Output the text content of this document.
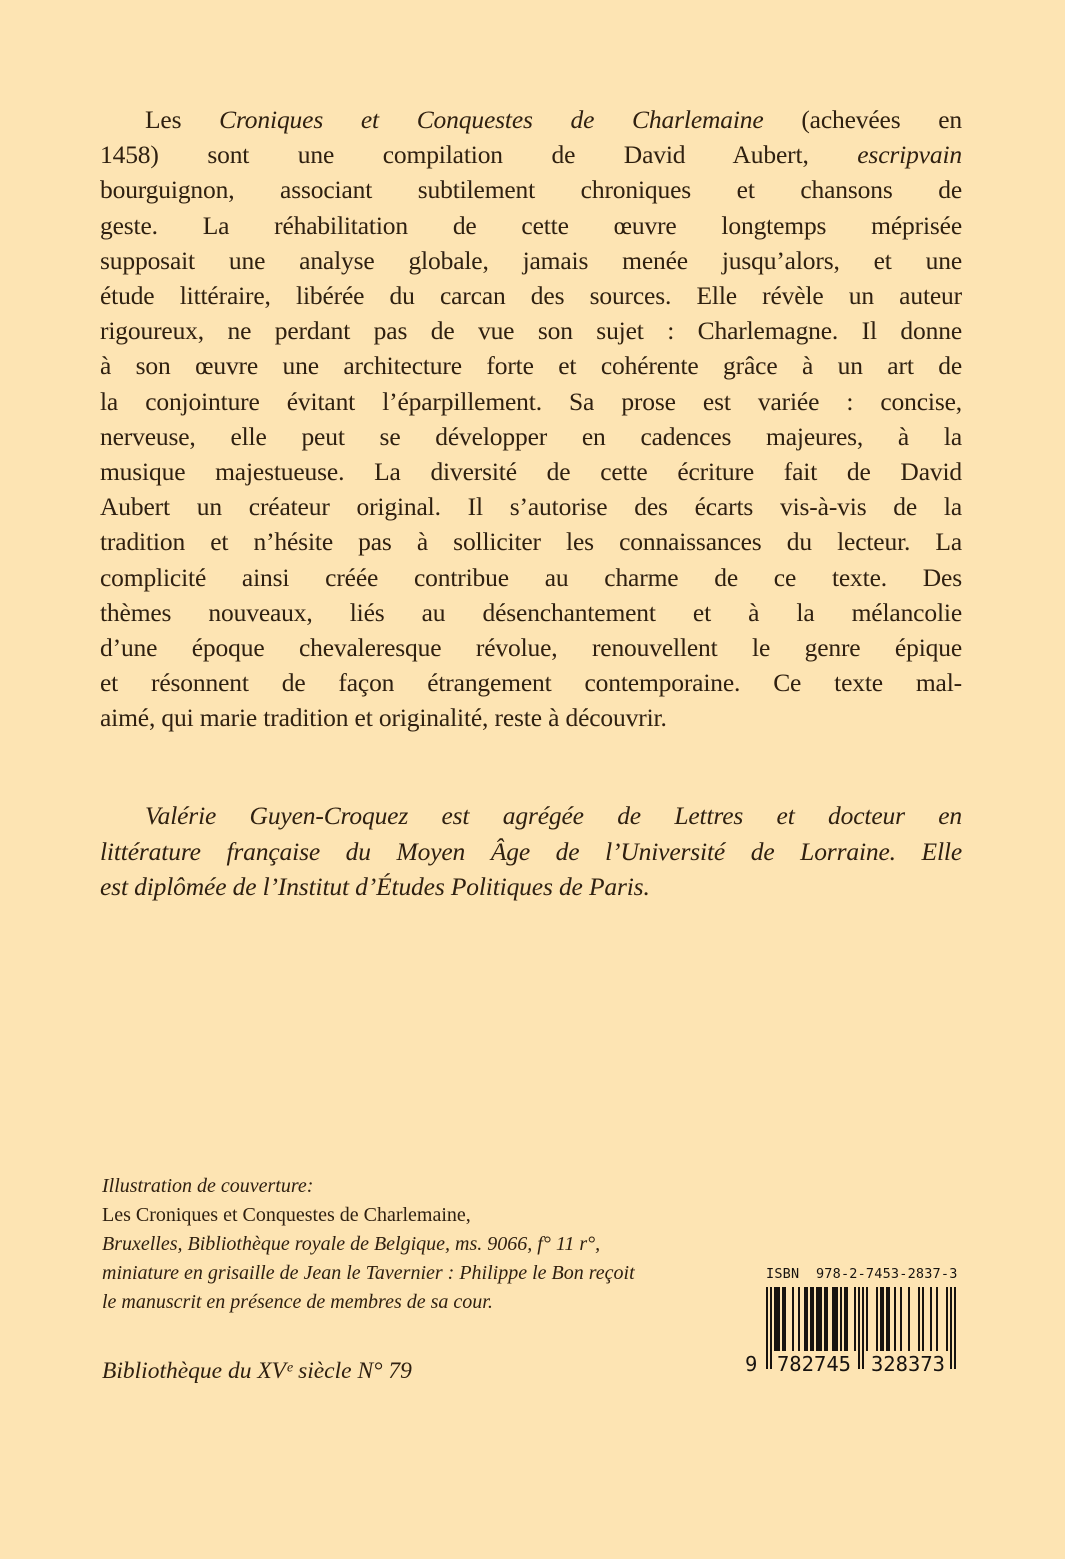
Les Croniques et Conquestes de Charlemaine (achevées en
1458) sont une compilation de David Aubert, escripvain
bourguignon, associant subtilement chroniques et chansons de
geste. La réhabilitation de cette œuvre longtemps méprisée
supposait une analyse globale, jamais menée jusqu’alors, et une
étude littéraire, libérée du carcan des sources. Elle révèle un auteur
rigoureux, ne perdant pas de vue son sujet : Charlemagne. Il donne
à son œuvre une architecture forte et cohérente grâce à un art de
la conjointure évitant l’éparpillement. Sa prose est variée : concise,
nerveuse, elle peut se développer en cadences majeures, à la
musique majestueuse. La diversité de cette écriture fait de David
Aubert un créateur original. Il s’autorise des écarts vis-à-vis de la
tradition et n’hésite pas à solliciter les connaissances du lecteur. La
complicité ainsi créée contribue au charme de ce texte. Des
thèmes nouveaux, liés au désenchantement et à la mélancolie
d’une époque chevaleresque révolue, renouvellent le genre épique
et résonnent de façon étrangement contemporaine. Ce texte mal-
aimé, qui marie tradition et originalité, reste à découvrir.
Valérie Guyen-Croquez est agrégée de Lettres et docteur en
littérature française du Moyen Âge de l’Université de Lorraine. Elle
est diplômée de l’Institut d’Études Politiques de Paris.
Illustration de couverture:
Les Croniques et Conquestes de Charlemaine,
Bruxelles, Bibliothèque royale de Belgique, ms. 9066, f° 11 r°,
miniature en grisaille de Jean le Tavernier : Philippe le Bon reçoit
le manuscrit en présence de membres de sa cour.
Bibliothèque du XVᵉ siècle N° 79
ISBN  978-2-7453-2837-3
9 782745 328373
